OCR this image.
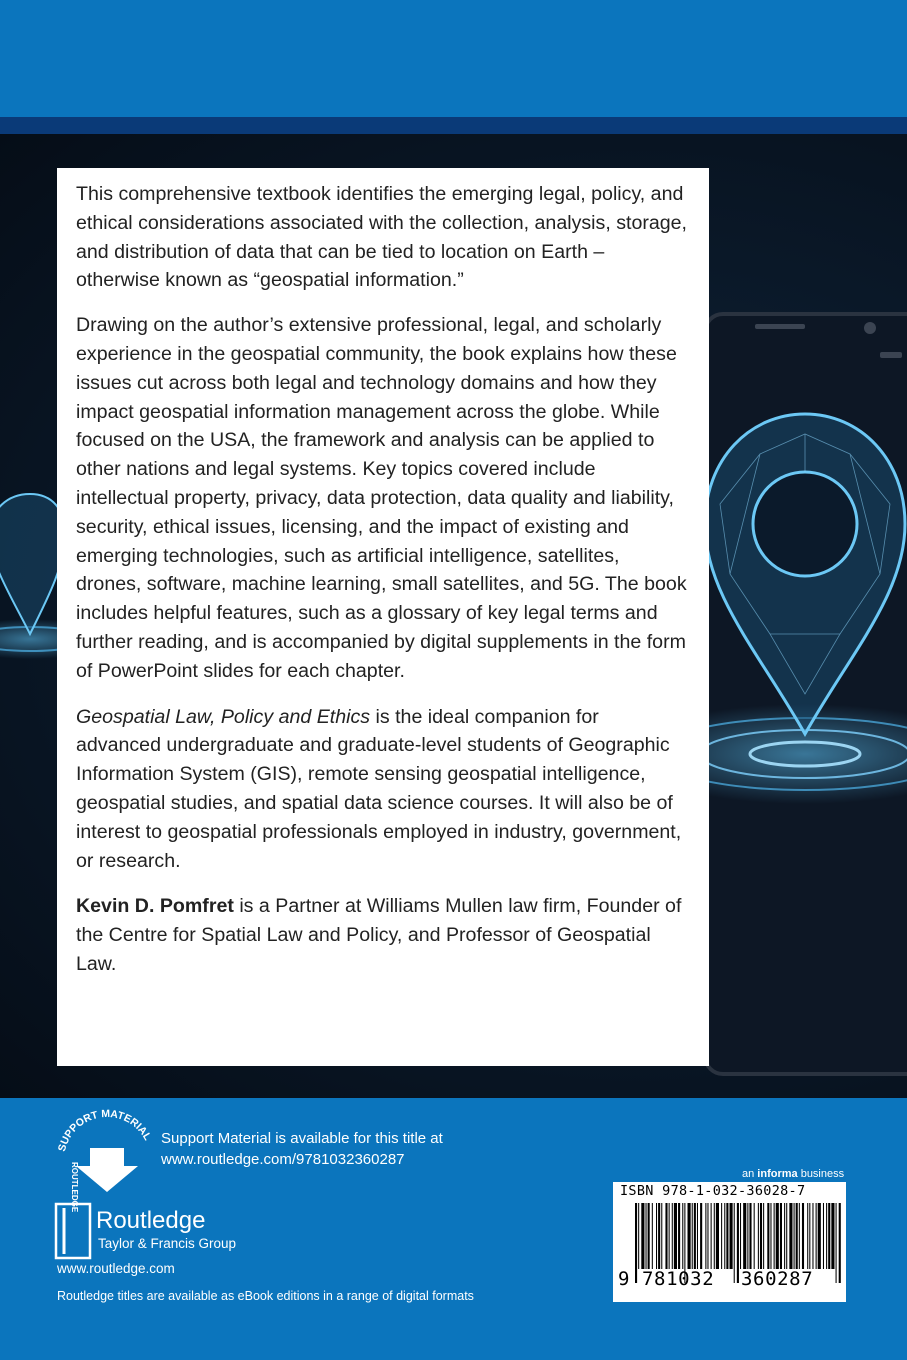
This comprehensive textbook identifies the emerging legal, policy, and ethical considerations associated with the collection, analysis, storage, and distribution of data that can be tied to location on Earth – otherwise known as “geospatial information.”

Drawing on the author’s extensive professional, legal, and scholarly experience in the geospatial community, the book explains how these issues cut across both legal and technology domains and how they impact geospatial information management across the globe. While focused on the USA, the framework and analysis can be applied to other nations and legal systems. Key topics covered include intellectual property, privacy, data protection, data quality and liability, security, ethical issues, licensing, and the impact of existing and emerging technologies, such as artificial intelligence, satellites, drones, software, machine learning, small satellites, and 5G. The book includes helpful features, such as a glossary of key legal terms and further reading, and is accompanied by digital supplements in the form of PowerPoint slides for each chapter.

Geospatial Law, Policy and Ethics is the ideal companion for advanced undergraduate and graduate-level students of Geographic Information System (GIS), remote sensing geospatial intelligence, geospatial studies, and spatial data science courses. It will also be of interest to geospatial professionals employed in industry, government, or research.

Kevin D. Pomfret is a Partner at Williams Mullen law firm, Founder of the Centre for Spatial Law and Policy, and Professor of Geospatial Law.

SUPPORT MATERIAL Support Material is available for this title at
www.routledge.com/9781032360287
ROUTLEDGE
Routledge
Taylor & Francis Group
www.routledge.com
Routledge titles are available as eBook editions in a range of digital formats
an informa business
ISBN 978-1-032-36028-7
9 781032 360287
